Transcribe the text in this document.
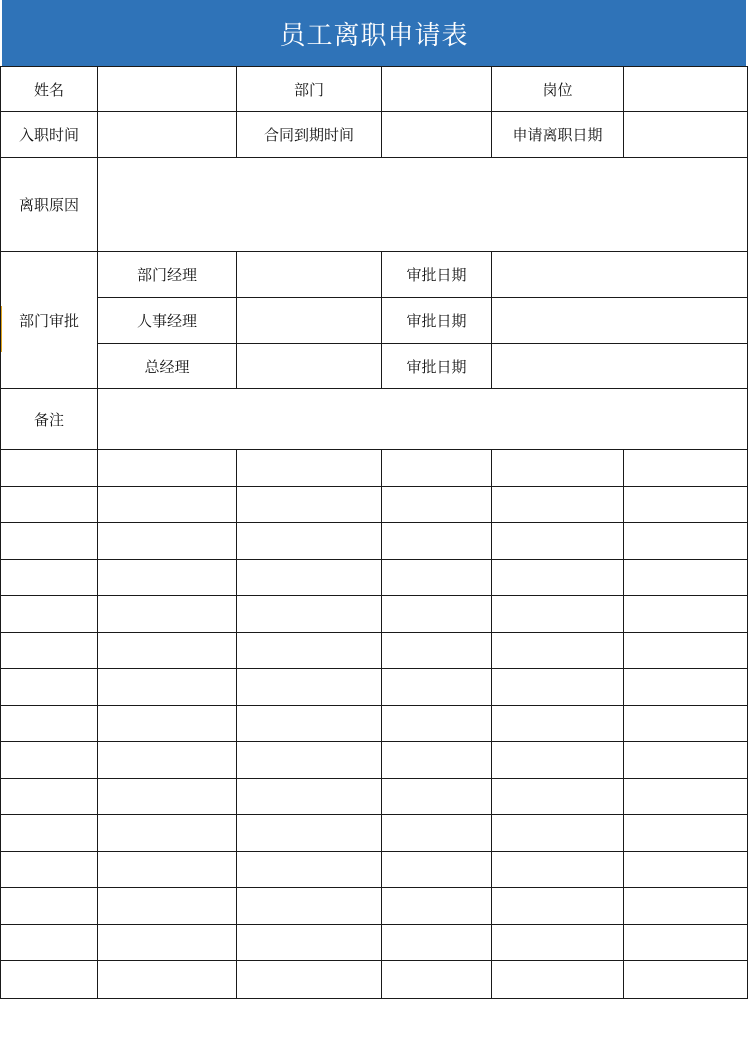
员工离职申请表
姓名		部门		岗位	
入职时间		合同到期时间		申请离职日期	
离职原因					
部门审批	部门经理		审批日期		
	人事经理		审批日期		
	总经理		审批日期		
备注					
